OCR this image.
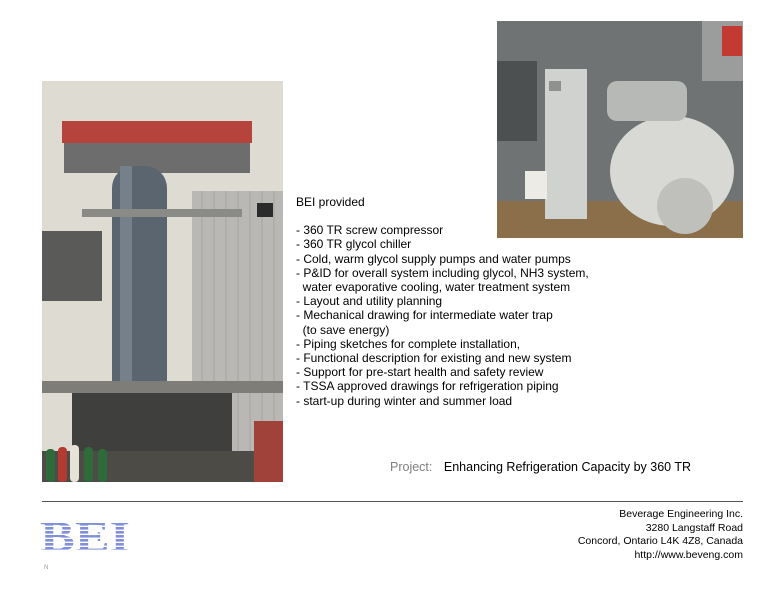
BEI provided
- 360 TR screw compressor
- 360 TR glycol chiller
- Cold, warm glycol supply pumps and water pumps
- P&ID for overall system including glycol, NH3 system,
water evaporative cooling, water treatment system
- Layout and utility planning
- Mechanical drawing for intermediate water trap
(to save energy)
- Piping sketches for complete installation,
- Functional description for existing and new system
- Support for pre-start health and safety review
- TSSA approved drawings for refrigeration piping
- start-up during winter and summer load
Project: Enhancing Refrigeration Capacity by 360 TR
BEI	Beverage Engineering Inc.
3280 Langstaff Road
Concord, Ontario L4K 4Z8, Canada
http://www.beveng.com
N
